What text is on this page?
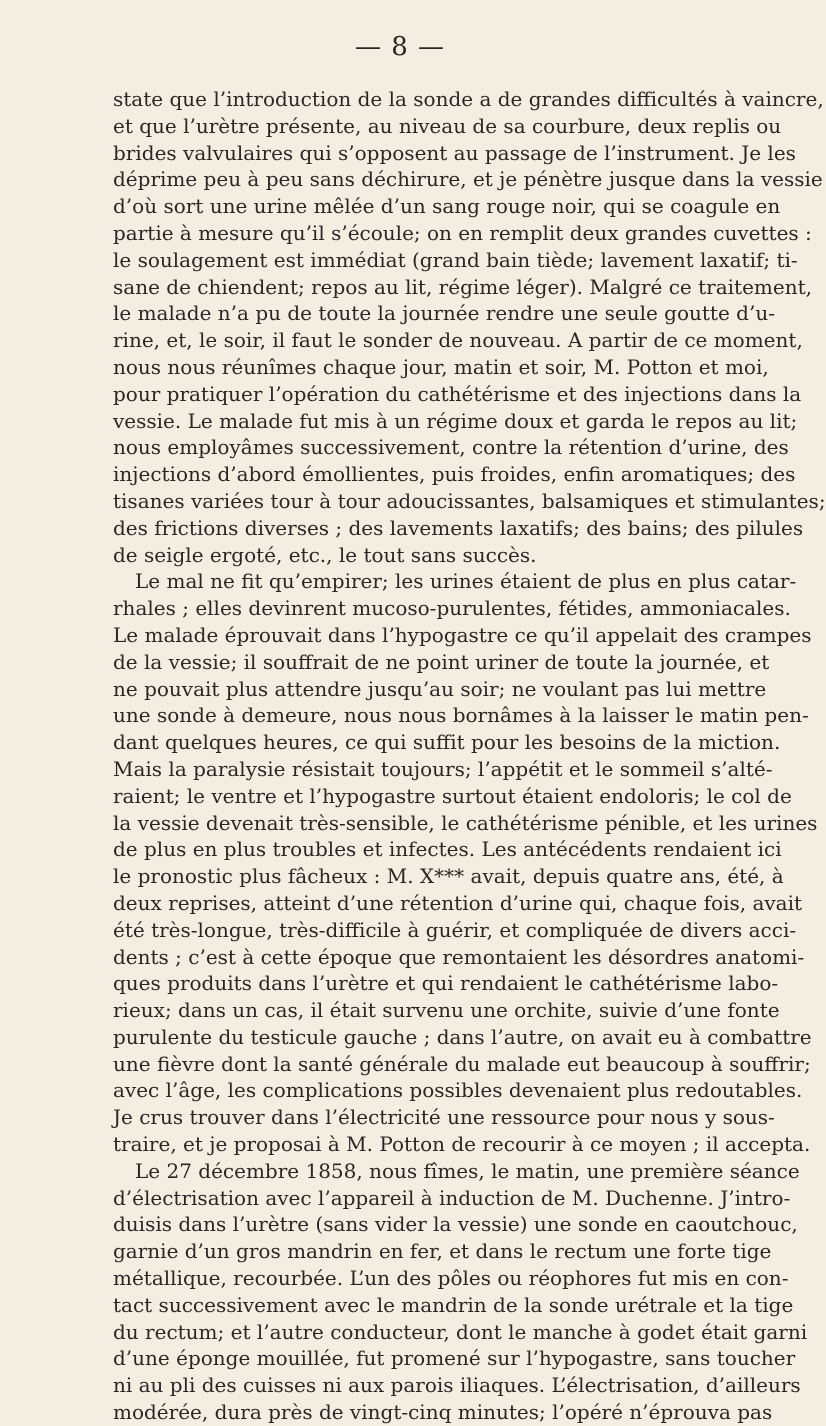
— 8 —
state que l’introduction de la sonde a de grandes difficultés à vaincre,
et que l’urètre présente, au niveau de sa courbure, deux replis ou
brides valvulaires qui s’opposent au passage de l’instrument. Je les
déprime peu à peu sans déchirure, et je pénètre jusque dans la vessie
d’où sort une urine mêlée d’un sang rouge noir, qui se coagule en
partie à mesure qu’il s’écoule; on en remplit deux grandes cuvettes :
le soulagement est immédiat (grand bain tiède; lavement laxatif; ti-
sane de chiendent; repos au lit, régime léger). Malgré ce traitement,
le malade n’a pu de toute la journée rendre une seule goutte d’u-
rine, et, le soir, il faut le sonder de nouveau. A partir de ce moment,
nous nous réunîmes chaque jour, matin et soir, M. Potton et moi,
pour pratiquer l’opération du cathétérisme et des injections dans la
vessie. Le malade fut mis à un régime doux et garda le repos au lit;
nous employâmes successivement, contre la rétention d’urine, des
injections d’abord émollientes, puis froides, enfin aromatiques; des
tisanes variées tour à tour adoucissantes, balsamiques et stimulantes;
des frictions diverses ; des lavements laxatifs; des bains; des pilules
de seigle ergoté, etc., le tout sans succès.
Le mal ne fit qu’empirer; les urines étaient de plus en plus catar-
rhales ; elles devinrent mucoso-purulentes, fétides, ammoniacales.
Le malade éprouvait dans l’hypogastre ce qu’il appelait des crampes
de la vessie; il souffrait de ne point uriner de toute la journée, et
ne pouvait plus attendre jusqu’au soir; ne voulant pas lui mettre
une sonde à demeure, nous nous bornâmes à la laisser le matin pen-
dant quelques heures, ce qui suffit pour les besoins de la miction.
Mais la paralysie résistait toujours; l’appétit et le sommeil s’alté-
raient; le ventre et l’hypogastre surtout étaient endoloris; le col de
la vessie devenait très-sensible, le cathétérisme pénible, et les urines
de plus en plus troubles et infectes. Les antécédents rendaient ici
le pronostic plus fâcheux : M. X*** avait, depuis quatre ans, été, à
deux reprises, atteint d’une rétention d’urine qui, chaque fois, avait
été très-longue, très-difficile à guérir, et compliquée de divers acci-
dents ; c’est à cette époque que remontaient les désordres anatomi-
ques produits dans l’urètre et qui rendaient le cathétérisme labo-
rieux; dans un cas, il était survenu une orchite, suivie d’une fonte
purulente du testicule gauche ; dans l’autre, on avait eu à combattre
une fièvre dont la santé générale du malade eut beaucoup à souffrir;
avec l’âge, les complications possibles devenaient plus redoutables.
Je crus trouver dans l’électricité une ressource pour nous y sous-
traire, et je proposai à M. Potton de recourir à ce moyen ; il accepta.
Le 27 décembre 1858, nous fîmes, le matin, une première séance
d’électrisation avec l’appareil à induction de M. Duchenne. J’intro-
duisis dans l’urètre (sans vider la vessie) une sonde en caoutchouc,
garnie d’un gros mandrin en fer, et dans le rectum une forte tige
métallique, recourbée. L’un des pôles ou réophores fut mis en con-
tact successivement avec le mandrin de la sonde urétrale et la tige
du rectum; et l’autre conducteur, dont le manche à godet était garni
d’une éponge mouillée, fut promené sur l’hypogastre, sans toucher
ni au pli des cuisses ni aux parois iliaques. L’électrisation, d’ailleurs
modérée, dura près de vingt-cinq minutes; l’opéré n’éprouva pas
